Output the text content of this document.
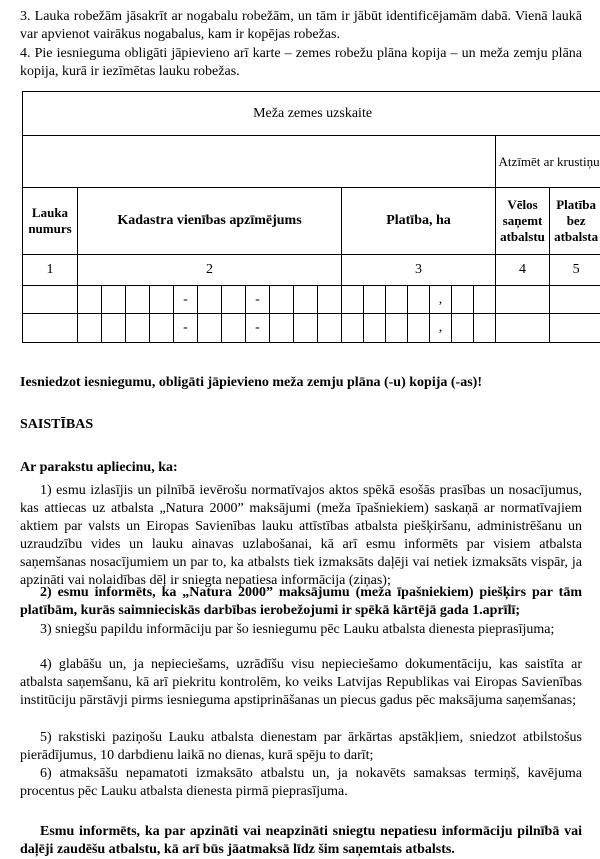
3. Lauka robežām jāsakrīt ar nogabalu robežām, un tām ir jābūt identificējamām dabā. Vienā laukā var apvienot vairākus nogabalus, kam ir kopējas robežas.

4. Pie iesnieguma obligāti jāpievieno arī karte – zemes robežu plāna kopija – un meža zemju plāna kopija, kurā ir iezīmētas lauku robežas.

Meža zemes uzskaite																				
																			Atzīmēt ar krustiņu	
Lauka numurs	Kadastra vienības apzīmējums											Platība, ha							Vēlos saņemt atbalstu	Platība bez atbalsta
1	2											3							4	5
					-			-								,				
					-			-								,				

Iesniedzot iesniegumu, obligāti jāpievieno meža zemju plāna (-u) kopija (-as)!

SAISTĪBAS

Ar parakstu apliecinu, ka:

1) esmu izlasījis un pilnībā ievērošu normatīvajos aktos spēkā esošās prasības un nosacījumus, kas attiecas uz atbalsta „Natura 2000” maksājumi (meža īpašniekiem) saskaņā ar normatīvajiem aktiem par valsts un Eiropas Savienības lauku attīstības atbalsta piešķiršanu, administrēšanu un uzraudzību vides un lauku ainavas uzlabošanai, kā arī esmu informēts par visiem atbalsta saņemšanas nosacījumiem un par to, ka atbalsts tiek izmaksāts daļēji vai netiek izmaksāts vispār, ja apzināti vai nolaidības dēļ ir sniegta nepatiesa informācija (ziņas);

2) esmu informēts, ka „Natura 2000” maksājumu (meža īpašniekiem) piešķirs par tām platībām, kurās saimnieciskās darbības ierobežojumi ir spēkā kārtējā gada 1.aprīlī;

3) sniegšu papildu informāciju par šo iesniegumu pēc Lauku atbalsta dienesta pieprasījuma;

4) glabāšu un, ja nepieciešams, uzrādīšu visu nepieciešamo dokumentāciju, kas saistīta ar atbalsta saņemšanu, kā arī piekritu kontrolēm, ko veiks Latvijas Republikas vai Eiropas Savienības institūciju pārstāvji pirms iesnieguma apstiprināšanas un piecus gadus pēc maksājuma saņemšanas;

5) rakstiski paziņošu Lauku atbalsta dienestam par ārkārtas apstākļiem, sniedzot atbilstošus pierādījumus, 10 darbdienu laikā no dienas, kurā spēju to darīt;

6) atmaksāšu nepamatoti izmaksāto atbalstu un, ja nokavēts samaksas termiņš, kavējuma procentus pēc Lauku atbalsta dienesta pirmā pieprasījuma.

Esmu informēts, ka par apzināti vai neapzināti sniegtu nepatiesu informāciju pilnībā vai daļēji zaudēšu atbalstu, kā arī būs jāatmaksā līdz šim saņemtais atbalsts.
